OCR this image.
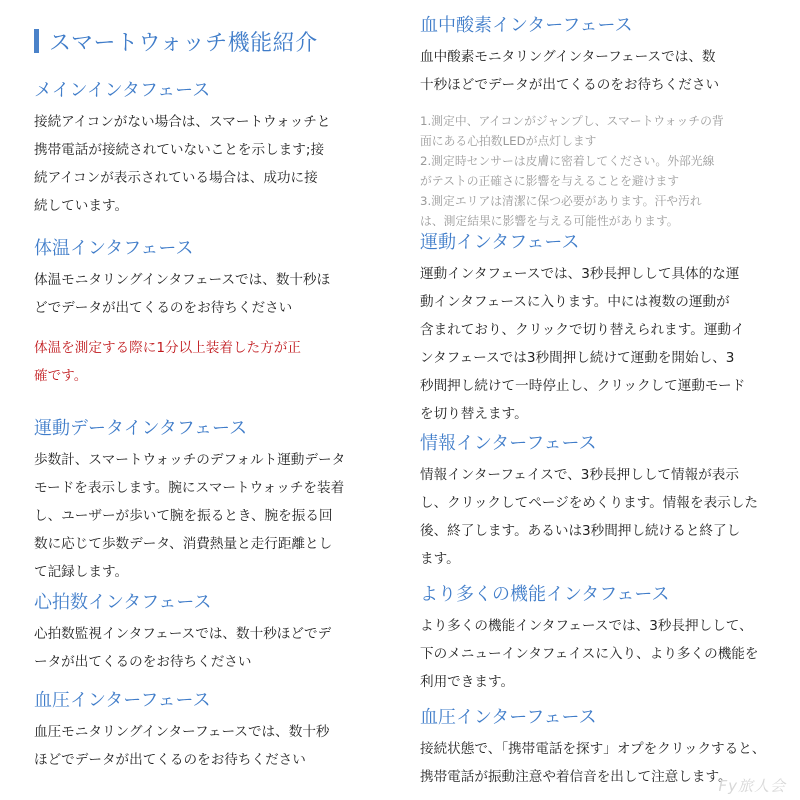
スマートウォッチ機能紹介
メインインタフェース

接続アイコンがない場合は、スマートウォッチと
携帯電話が接続されていないことを示します;接
続アイコンが表示されている場合は、成功に接
続しています。

体温インタフェース

体温モニタリングインタフェースでは、数十秒ほ
どでデータが出てくるのをお待ちください

体温を測定する際に1分以上装着した方が正
確です。

運動データインタフェース

歩数計、スマートウォッチのデフォルト運動データ
モードを表示します。腕にスマートウォッチを装着
し、ユーザーが歩いて腕を振るとき、腕を振る回
数に応じて歩数データ、消費熱量と走行距離とし
て記録します。

心拍数インタフェース

心拍数監視インタフェースでは、数十秒ほどでデ
ータが出てくるのをお待ちください

血圧インターフェース

血圧モニタリングインターフェースでは、数十秒
ほどでデータが出てくるのをお待ちください

血中酸素インターフェース

血中酸素モニタリングインターフェースでは、数
十秒ほどでデータが出てくるのをお待ちください

1.測定中、アイコンがジャンプし、スマートウォッチの背
面にある心拍数LEDが点灯します
2.測定時センサーは皮膚に密着してください。外部光線
がテストの正確さに影響を与えることを避けます
3.測定エリアは清潔に保つ必要があります。汗や汚れ
は、測定結果に影響を与える可能性があります。

運動インタフェース

運動インタフェースでは、3秒長押しして具体的な運
動インタフェースに入ります。中には複数の運動が
含まれており、クリックで切り替えられます。運動イ
ンタフェースでは3秒間押し続けて運動を開始し、3
秒間押し続けて一時停止し、クリックして運動モード
を切り替えます。

情報インターフェース

情報インターフェイスで、3秒長押しして情報が表示
し、クリックしてページをめくります。情報を表示した
後、終了します。あるいは3秒間押し続けると終了し
ます。

より多くの機能インタフェース

より多くの機能インタフェースでは、3秒長押しして、
下のメニューインタフェイスに入り、より多くの機能を
利用できます。

血圧インターフェース

接続状態で、「携帯電話を探す」オプをクリックすると、
携帯電話が振動注意や着信音を出して注意します。

Fy旅人会
